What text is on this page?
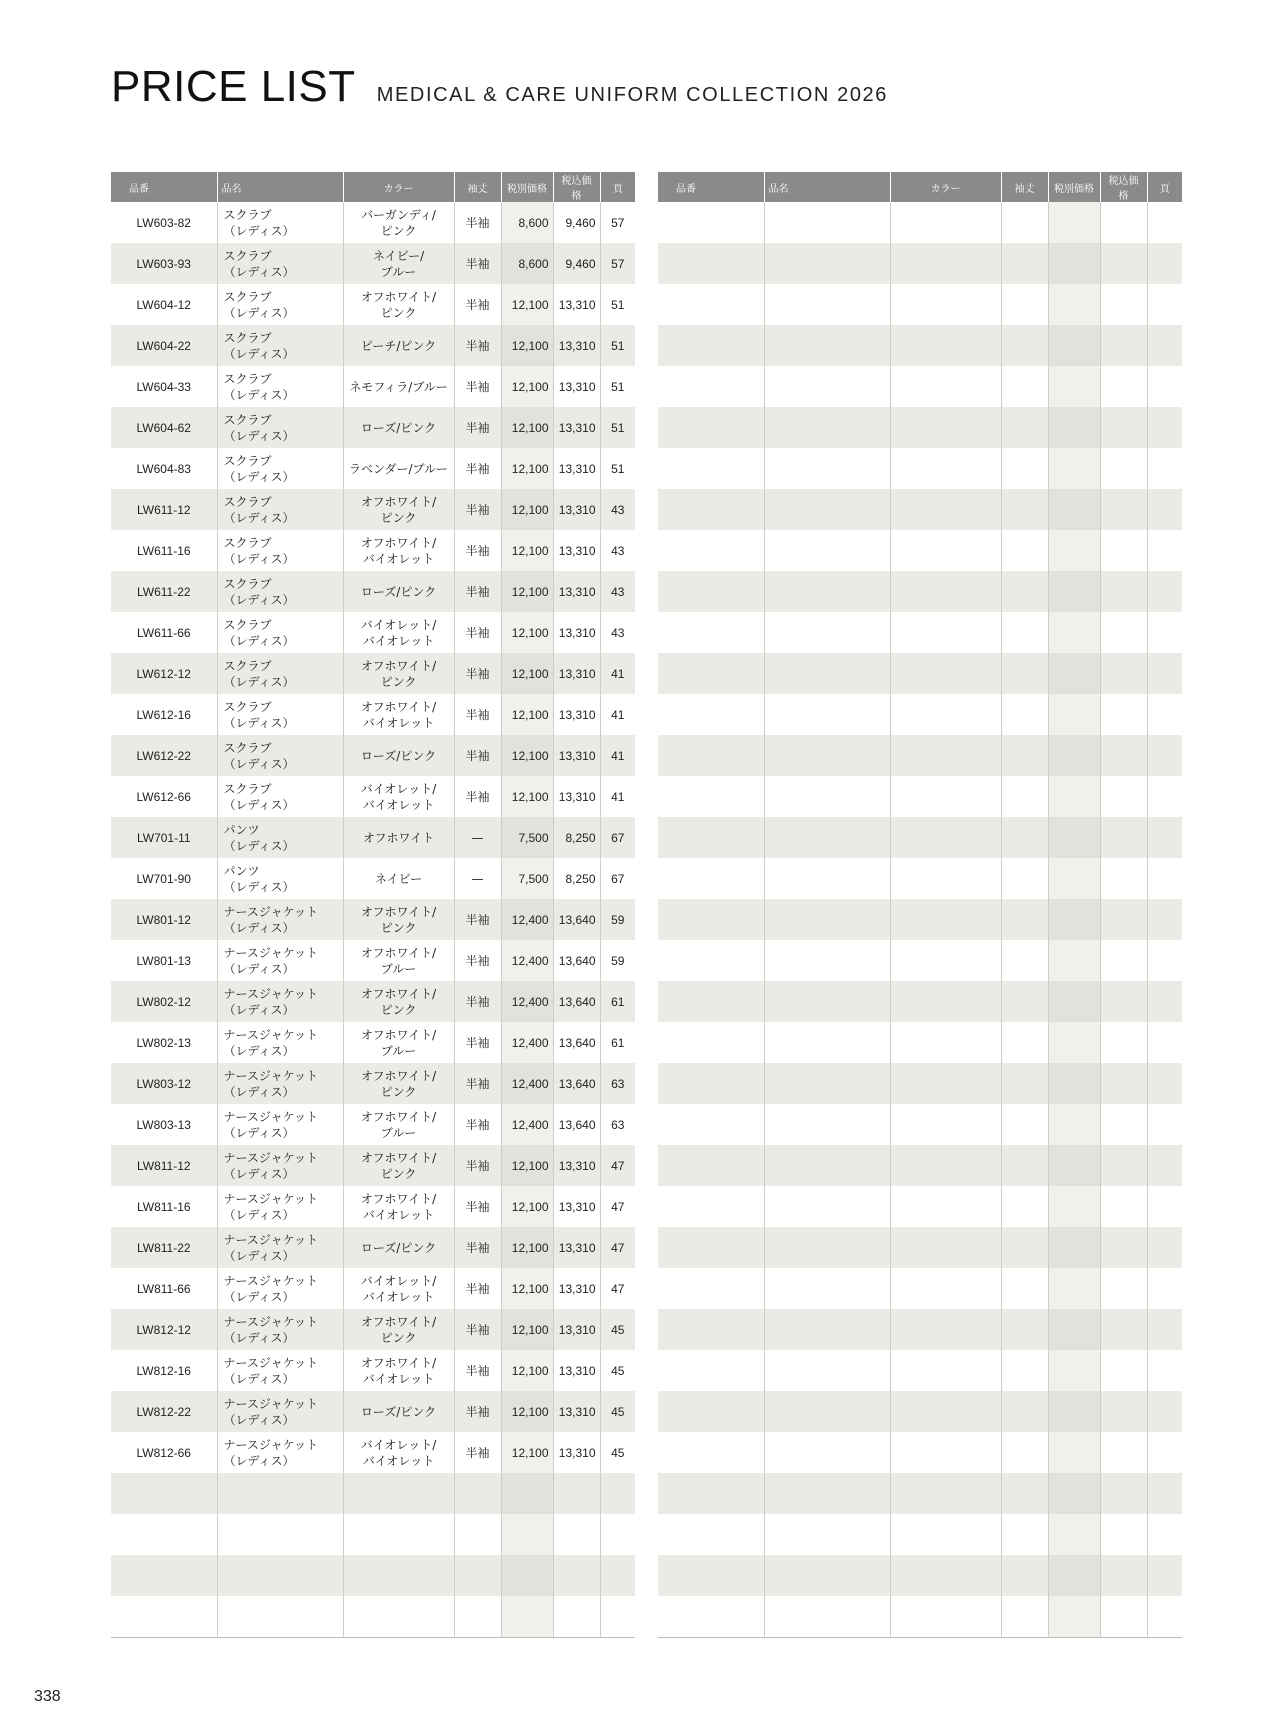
PRICE LIST MEDICAL & CARE UNIFORM COLLECTION 2026
品番	品名	カラー	袖丈	税別価格	税込価格	頁
LW603-82	スクラブ
（レディス）	バーガンディ/
ピンク	半袖	8,600	9,460	57
LW603-93	スクラブ
（レディス）	ネイビー/
ブルー	半袖	8,600	9,460	57
LW604-12	スクラブ
（レディス）	オフホワイト/
ピンク	半袖	12,100	13,310	51
LW604-22	スクラブ
（レディス）	ピーチ/ピンク	半袖	12,100	13,310	51
LW604-33	スクラブ
（レディス）	ネモフィラ/ブルー	半袖	12,100	13,310	51
LW604-62	スクラブ
（レディス）	ローズ/ピンク	半袖	12,100	13,310	51
LW604-83	スクラブ
（レディス）	ラベンダー/ブルー	半袖	12,100	13,310	51
LW611-12	スクラブ
（レディス）	オフホワイト/
ピンク	半袖	12,100	13,310	43
LW611-16	スクラブ
（レディス）	オフホワイト/
バイオレット	半袖	12,100	13,310	43
LW611-22	スクラブ
（レディス）	ローズ/ピンク	半袖	12,100	13,310	43
LW611-66	スクラブ
（レディス）	バイオレット/
バイオレット	半袖	12,100	13,310	43
LW612-12	スクラブ
（レディス）	オフホワイト/
ピンク	半袖	12,100	13,310	41
LW612-16	スクラブ
（レディス）	オフホワイト/
バイオレット	半袖	12,100	13,310	41
LW612-22	スクラブ
（レディス）	ローズ/ピンク	半袖	12,100	13,310	41
LW612-66	スクラブ
（レディス）	バイオレット/
バイオレット	半袖	12,100	13,310	41
LW701-11	パンツ
（レディス）	オフホワイト	—	7,500	8,250	67
LW701-90	パンツ
（レディス）	ネイビー	—	7,500	8,250	67
LW801-12	ナースジャケット
（レディス）	オフホワイト/
ピンク	半袖	12,400	13,640	59
LW801-13	ナースジャケット
（レディス）	オフホワイト/
ブルー	半袖	12,400	13,640	59
LW802-12	ナースジャケット
（レディス）	オフホワイト/
ピンク	半袖	12,400	13,640	61
LW802-13	ナースジャケット
（レディス）	オフホワイト/
ブルー	半袖	12,400	13,640	61
LW803-12	ナースジャケット
（レディス）	オフホワイト/
ピンク	半袖	12,400	13,640	63
LW803-13	ナースジャケット
（レディス）	オフホワイト/
ブルー	半袖	12,400	13,640	63
LW811-12	ナースジャケット
（レディス）	オフホワイト/
ピンク	半袖	12,100	13,310	47
LW811-16	ナースジャケット
（レディス）	オフホワイト/
バイオレット	半袖	12,100	13,310	47
LW811-22	ナースジャケット
（レディス）	ローズ/ピンク	半袖	12,100	13,310	47
LW811-66	ナースジャケット
（レディス）	バイオレット/
バイオレット	半袖	12,100	13,310	47
LW812-12	ナースジャケット
（レディス）	オフホワイト/
ピンク	半袖	12,100	13,310	45
LW812-16	ナースジャケット
（レディス）	オフホワイト/
バイオレット	半袖	12,100	13,310	45
LW812-22	ナースジャケット
（レディス）	ローズ/ピンク	半袖	12,100	13,310	45
LW812-66	ナースジャケット
（レディス）	バイオレット/
バイオレット	半袖	12,100	13,310	45

品番	品名	カラー	袖丈	税別価格	税込価格	頁

338
